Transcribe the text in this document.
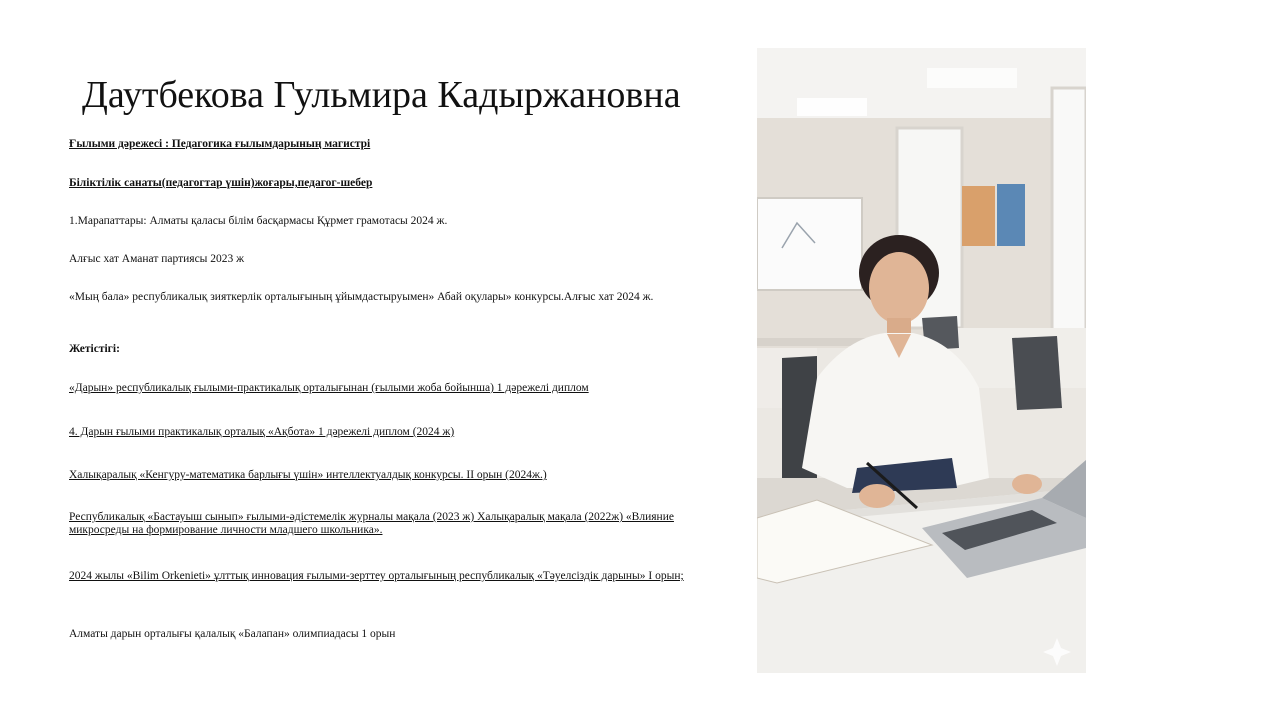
Даутбекова Гульмира Кадыржановна
Ғылыми дәрежесі : Педагогика ғылымдарының магистрі
Біліктілік санаты(педагогтар үшін)жоғары,педагог-шебер
1.Марапаттары: Алматы қаласы білім басқармасы Құрмет грамотасы 2024 ж.
Алғыс хат Аманат партиясы 2023 ж
«Мың бала» республикалық зияткерлік орталығының ұйымдастыруымен» Абай оқулары» конкурсы.Алғыс хат 2024 ж.
Жетістігі:
«Дарын» республикалық ғылыми-практикалық орталығынан (ғылыми жоба бойынша) 1 дәрежелі диплом
4. Дарын ғылыми практикалық орталық «Ақбота» 1 дәрежелі диплом (2024 ж)
Халықаралық «Кенгуру-математика барлығы үшін» интеллектуалдық конкурсы. II орын (2024ж.)
Республикалық «Бастауыш сынып» ғылыми-әдістемелік журналы мақала (2023 ж) Халықаралық мақала (2022ж) «Влияние микросреды на формирование личности младшего школьника».
2024 жылы «Bilim Orkenieti» ұлттық инновация ғылыми-зерттеу орталығының республикалық «Тәуелсіздік дарыны» I орын;
Алматы дарын орталығы қалалық «Балапан» олимпиадасы 1 орын
